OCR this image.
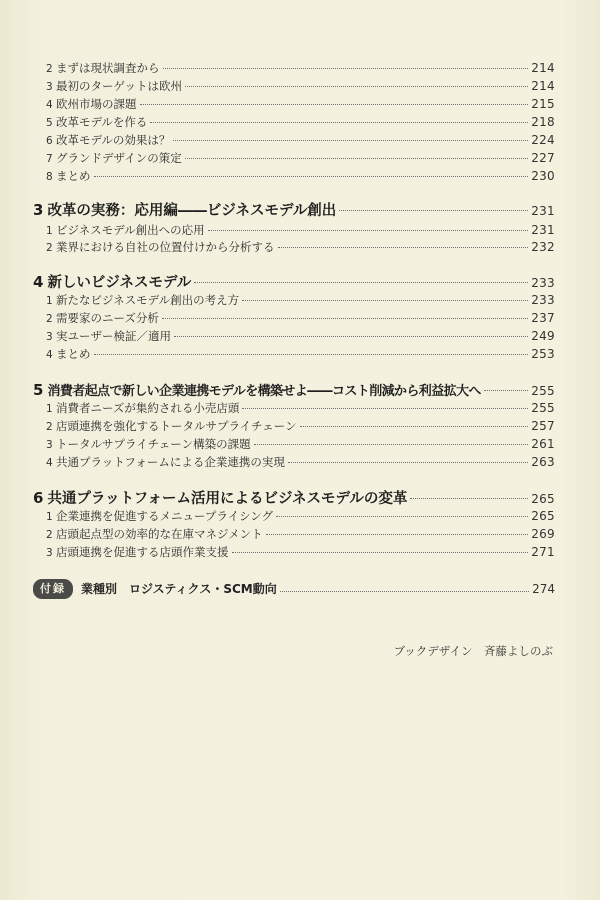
2 まずは現状調査から	214
3 最初のターゲットは欧州	214
4 欧州市場の課題	215
5 改革モデルを作る	218
6 改革モデルの効果は？	224
7 グランドデザインの策定	227
8 まとめ	230
3 改革の実務：応用編――ビジネスモデル創出	231
1 ビジネスモデル創出への応用	231
2 業界における自社の位置付けから分析する	232
4 新しいビジネスモデル	233
1 新たなビジネスモデル創出の考え方	233
2 需要家のニーズ分析	237
3 実ユーザー検証／適用	249
4 まとめ	253
5 消費者起点で新しい企業連携モデルを構築せよ――コスト削減から利益拡大へ	255
1 消費者ニーズが集約される小売店頭	255
2 店頭連携を強化するトータルサプライチェーン	257
3 トータルサプライチェーン構築の課題	261
4 共通プラットフォームによる企業連携の実現	263
6 共通プラットフォーム活用によるビジネスモデルの変革	265
1 企業連携を促進するメニュープライシング	265
2 店頭起点型の効率的な在庫マネジメント	269
3 店頭連携を促進する店頭作業支援	271
付録	業種別　ロジスティクス・SCM動向	274
ブックデザイン　斉藤よしのぶ
